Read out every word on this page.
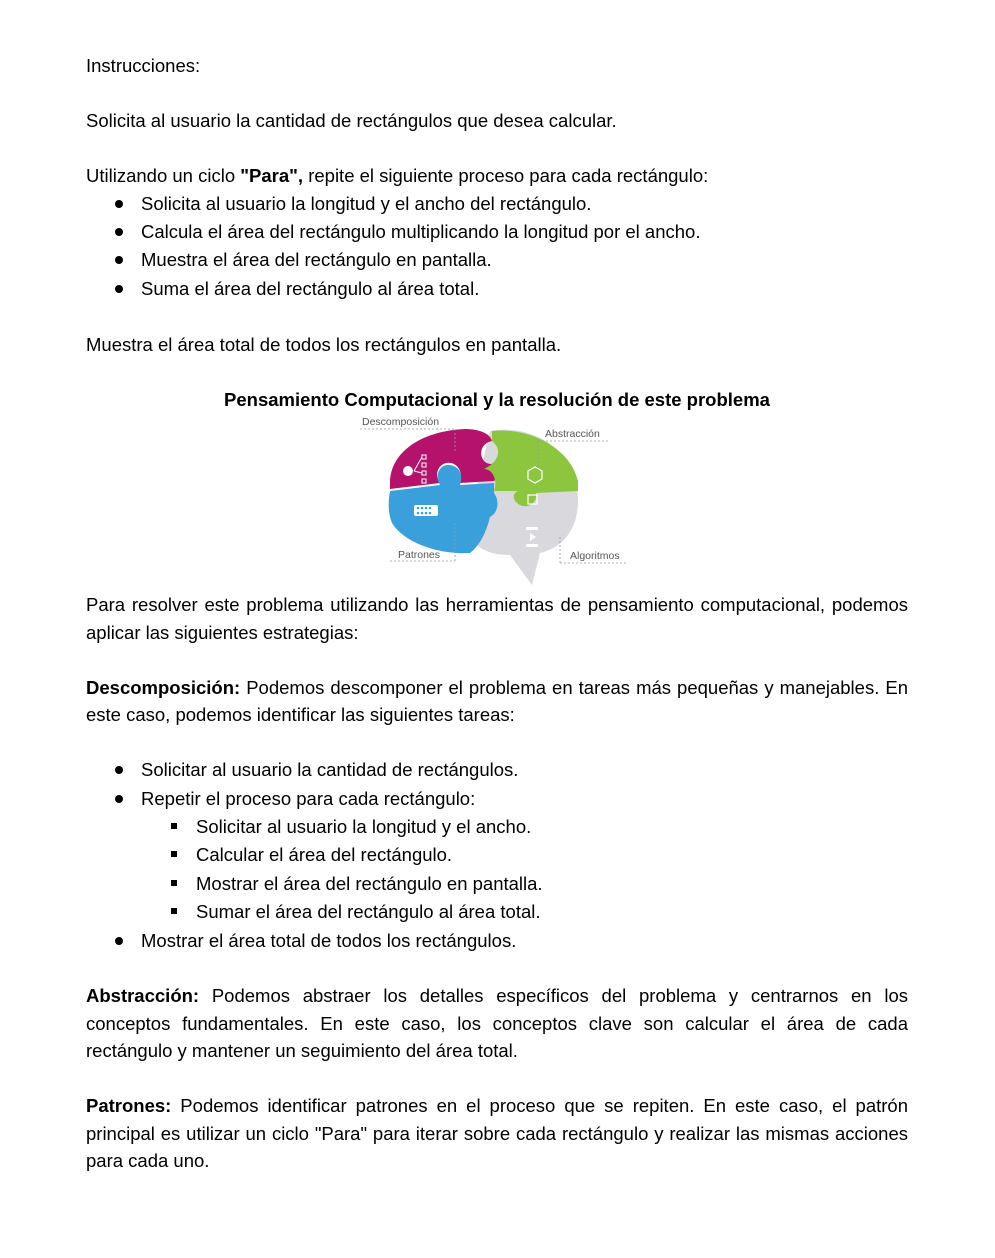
Instrucciones:

Solicita al usuario la cantidad de rectángulos que desea calcular.

Utilizando un ciclo "Para", repite el siguiente proceso para cada rectángulo:

Solicita al usuario la longitud y el ancho del rectángulo.
Calcula el área del rectángulo multiplicando la longitud por el ancho.
Muestra el área del rectángulo en pantalla.
Suma el área del rectángulo al área total.

Muestra el área total de todos los rectángulos en pantalla.

Pensamiento Computacional y la resolución de este problema

Descomposición
Abstracción
Patrones	Algoritmos

Para resolver este problema utilizando las herramientas de pensamiento computacional, podemos aplicar las siguientes estrategias:

Descomposición: Podemos descomponer el problema en tareas más pequeñas y manejables. En este caso, podemos identificar las siguientes tareas:

Solicitar al usuario la cantidad de rectángulos.
Repetir el proceso para cada rectángulo:
Solicitar al usuario la longitud y el ancho.
Calcular el área del rectángulo.
Mostrar el área del rectángulo en pantalla.
Sumar el área del rectángulo al área total.
Mostrar el área total de todos los rectángulos.

Abstracción: Podemos abstraer los detalles específicos del problema y centrarnos en los conceptos fundamentales. En este caso, los conceptos clave son calcular el área de cada rectángulo y mantener un seguimiento del área total.

Patrones: Podemos identificar patrones en el proceso que se repiten. En este caso, el patrón principal es utilizar un ciclo "Para" para iterar sobre cada rectángulo y realizar las mismas acciones para cada uno.
